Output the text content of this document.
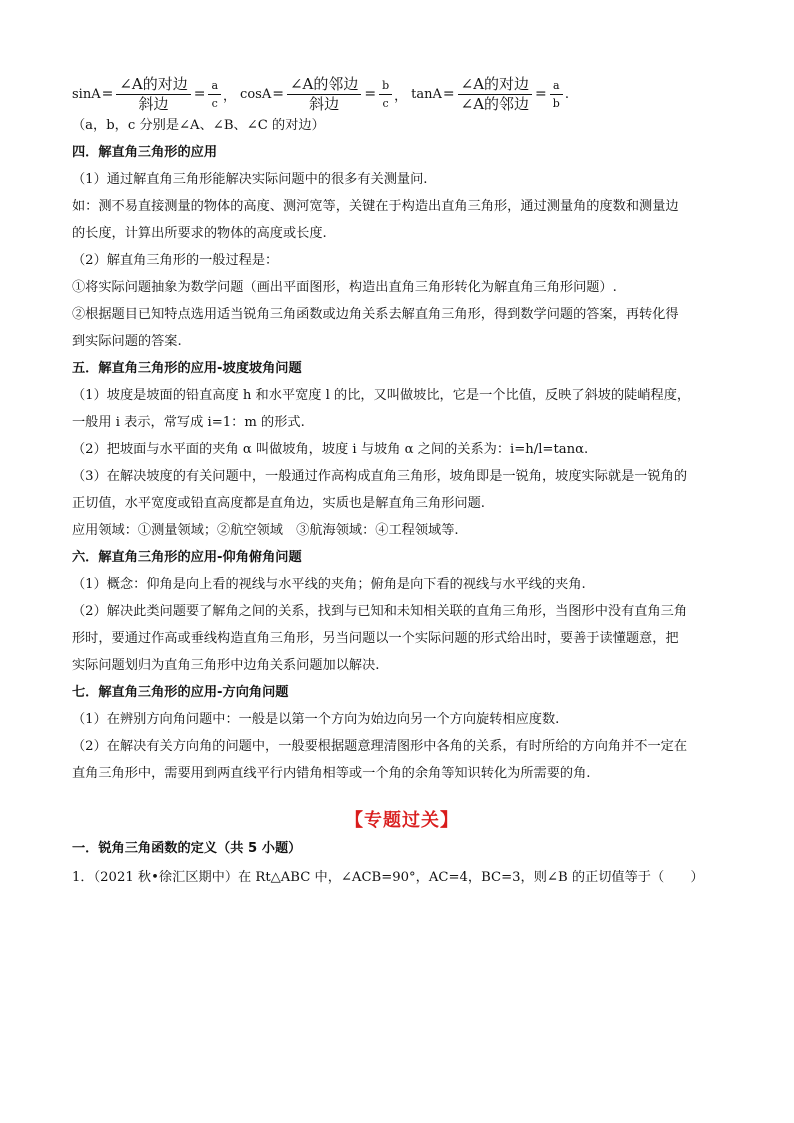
$\sin A = \frac{\text{∠A的对边}}{\text{斜边}} = \frac{a}{c}$ ， $\cos A = \frac{\text{∠A的邻边}}{\text{斜边}} = \frac{b}{c}$ ， $\tan A = \frac{\text{∠A的对边}}{\text{∠A的邻边}} = \frac{a}{b}$ .

（a，b，c 分别是∠A、∠B、∠C 的对边）

四．解直角三角形的应用

（1）通过解直角三角形能解决实际问题中的很多有关测量问.

如：测不易直接测量的物体的高度、测河宽等，关键在于构造出直角三角形，通过测量角的度数和测量边

的长度，计算出所要求的物体的高度或长度.

（2）解直角三角形的一般过程是：

①将实际问题抽象为数学问题（画出平面图形，构造出直角三角形转化为解直角三角形问题）.

②根据题目已知特点选用适当锐角三角函数或边角关系去解直角三角形，得到数学问题的答案，再转化得

到实际问题的答案.

五．解直角三角形的应用-坡度坡角问题

（1）坡度是坡面的铅直高度 h 和水平宽度 l 的比，又叫做坡比，它是一个比值，反映了斜坡的陡峭程度，

一般用 i 表示，常写成 i=1：m 的形式.

（2）把坡面与水平面的夹角 α 叫做坡角，坡度 i 与坡角 α 之间的关系为：i=h/l=tanα.

（3）在解决坡度的有关问题中，一般通过作高构成直角三角形，坡角即是一锐角，坡度实际就是一锐角的

正切值，水平宽度或铅直高度都是直角边，实质也是解直角三角形问题.

应用领域：①测量领域；②航空领域　③航海领域：④工程领域等.

六．解直角三角形的应用-仰角俯角问题

（1）概念：仰角是向上看的视线与水平线的夹角；俯角是向下看的视线与水平线的夹角.

（2）解决此类问题要了解角之间的关系，找到与已知和未知相关联的直角三角形，当图形中没有直角三角

形时，要通过作高或垂线构造直角三角形，另当问题以一个实际问题的形式给出时，要善于读懂题意，把

实际问题划归为直角三角形中边角关系问题加以解决.

七．解直角三角形的应用-方向角问题

（1）在辨别方向角问题中：一般是以第一个方向为始边向另一个方向旋转相应度数.

（2）在解决有关方向角的问题中，一般要根据题意理清图形中各角的关系，有时所给的方向角并不一定在

直角三角形中，需要用到两直线平行内错角相等或一个角的余角等知识转化为所需要的角.

【专题过关】
一．锐角三角函数的定义（共 5 小题）

1．（2021 秋•徐汇区期中）在 Rt△ABC 中，∠ACB=90°，AC=4，BC=3，则∠B 的正切值等于（　　）
